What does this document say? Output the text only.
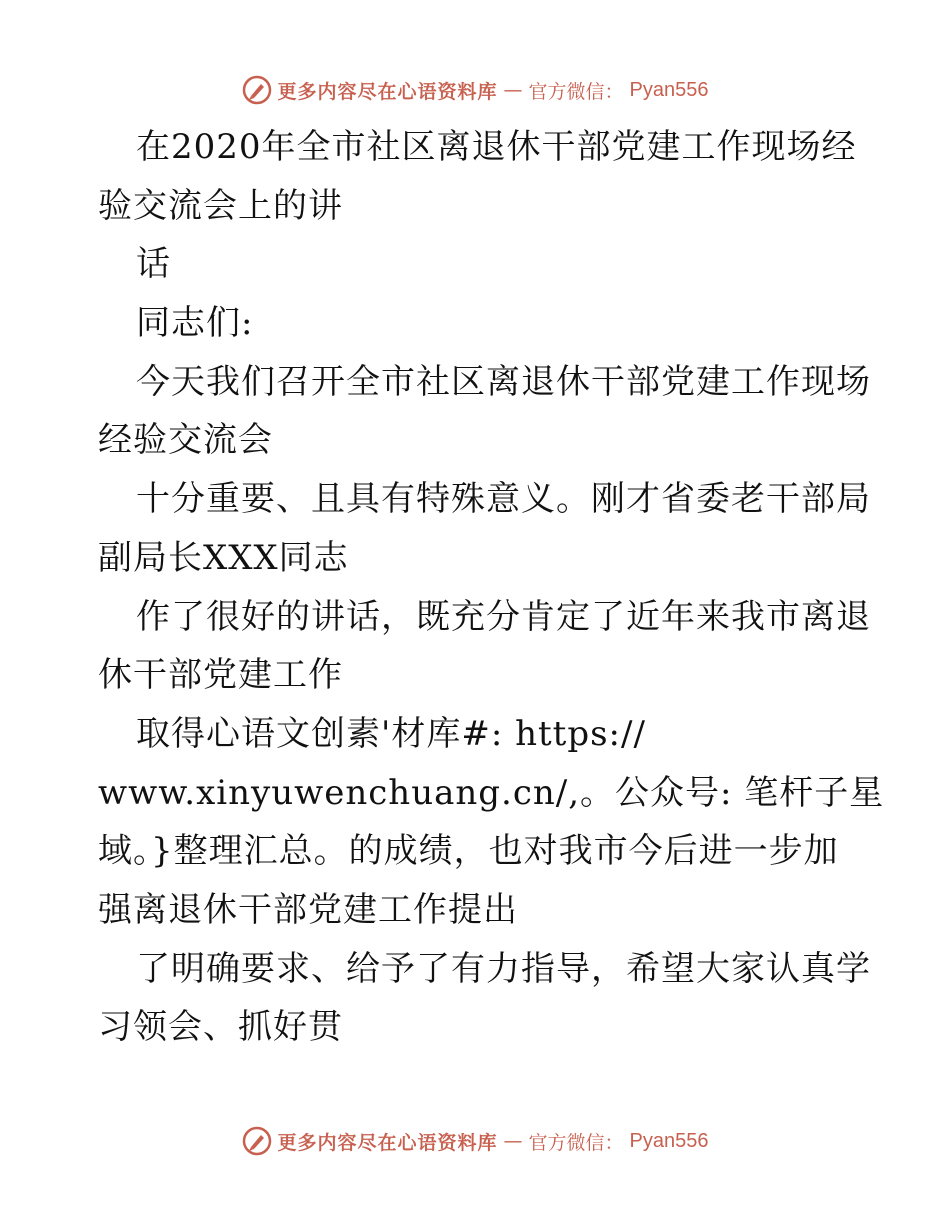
更多内容尽在心语资料库 — 官方微信： Pyan556
在2020年全市社区离退休干部党建工作现场经
验交流会上的讲
话
同志们:
今天我们召开全市社区离退休干部党建工作现场
经验交流会
十分重要、且具有特殊意义。刚才省委老干部局
副局长XXX同志
作了很好的讲话，既充分肯定了近年来我市离退
休干部党建工作
取得心语文创素'材库#: https://
www.xinyuwenchuang.cn/,。公众号: 笔杆子星
域。}整理汇总。的成绩，也对我市今后进一步加
强离退休干部党建工作提出
了明确要求、给予了有力指导，希望大家认真学
习领会、抓好贯
更多内容尽在心语资料库 — 官方微信： Pyan556
